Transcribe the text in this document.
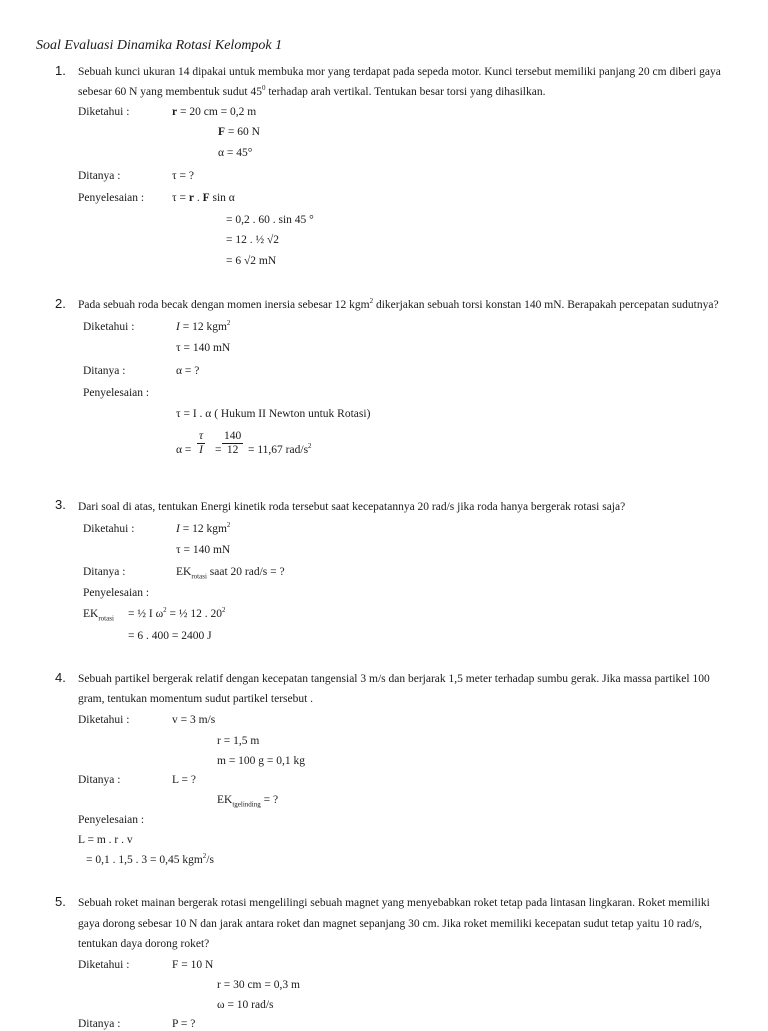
Soal Evaluasi Dinamika Rotasi Kelompok 1
1. Sebuah kunci ukuran 14 dipakai untuk membuka mor yang terdapat pada sepeda motor. Kunci tersebut memiliki panjang 20 cm diberi gaya
sebesar 60 N yang membentuk sudut $45^0$ terhadap arah vertikal. Tentukan besar torsi yang dihasilkan.
Diketahui :	r = 20 cm = 0,2 m
F = 60 N
α = 45°
Ditanya :	τ = ?
Penyelesaian : τ = r . F sin α
= 0,2 . 60 . sin 45 °
= 12 . ½ √2
= 6 √2 mN
2. Pada sebuah roda becak dengan momen inersia sebesar 12 kgm$^2$ dikerjakan sebuah torsi konstan 140 mN. Berapakah percepatan sudutnya?
Diketahui :	I = 12 kgm$^2$
τ = 140 mN
Ditanya :	α = ?
Penyelesaian :
τ = I . α ( Hukum II Newton untuk Rotasi)
$\alpha = \frac{\tau}{I} = \frac{140}{12} = 11,67$ rad/$s^2$
3. Dari soal di atas, tentukan Energi kinetik roda tersebut saat kecepatannya 20 rad/s jika roda hanya bergerak rotasi saja?
Diketahui :	I = 12 kgm$^2$
τ = 140 mN
Ditanya :	$EK_{rotasi}$ saat 20 rad/s = ?
Penyelesaian :
$EK_{rotasi}$ = ½ I $\omega^2$ = ½ 12 . $20^2$
= 6 . 400 = 2400 J
4. Sebuah partikel bergerak relatif dengan kecepatan tangensial 3 m/s dan berjarak 1,5 meter terhadap sumbu gerak. Jika massa partikel 100
gram, tentukan momentum sudut partikel tersebut .
Diketahui :	v = 3 m/s
r = 1,5 m
m = 100 g = 0,1 kg
Ditanya :	L = ?
$EK_{tgelinding}$ = ?
Penyelesaian :
L = m . r . v
= 0,1 . 1,5 . 3 = 0,45 kgm$^2$/s
5. Sebuah roket mainan bergerak rotasi mengelilingi sebuah magnet yang menyebabkan roket tetap pada lintasan lingkaran. Roket memiliki
gaya dorong sebesar 10 N dan jarak antara roket dan magnet sepanjang 30 cm. Jika roket memiliki kecepatan sudut tetap yaitu 10 rad/s,
tentukan daya dorong roket?
Diketahui :	F = 10 N
r = 30 cm = 0,3 m
ω = 10 rad/s
Ditanya :	P = ?
